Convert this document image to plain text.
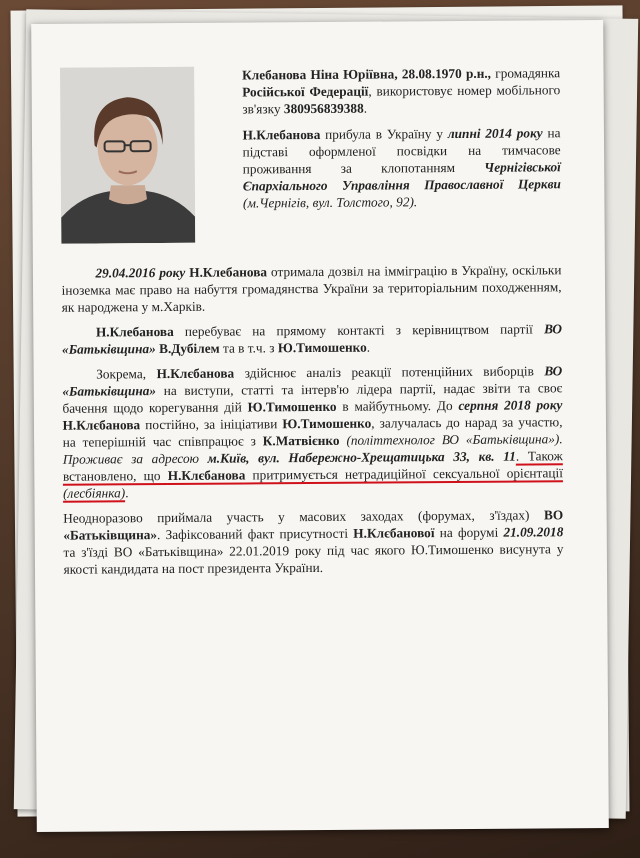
Клебанова Ніна Юріївна, 28.08.1970 р.н., громадянка Російської Федерації, використовує номер мобільного зв'язку 380956839388.

Н.Клебанова прибула в Україну у липні 2014 року на підставі оформленої посвідки на тимчасове проживання за клопотанням Чернігівської Єпархіального Управління Православної Церкви (м.Чернігів, вул. Толстого, 92).

29.04.2016 року Н.Клебанова отримала дозвіл на імміграцію в Україну, оскільки іноземка має право на набуття громадянства України за територіальним походженням, як народжена у м.Харків.

Н.Клебанова перебуває на прямому контакті з керівництвом партії ВО «Батьківщина» В.Дубілем та в т.ч. з Ю.Тимошенко.

Зокрема, Н.Клєбанова здійснює аналіз реакції потенційних виборців ВО «Батьківщина» на виступи, статті та інтерв'ю лідера партії, надає звіти та своє бачення щодо корегування дій Ю.Тимошенко в майбутньому. До серпня 2018 року Н.Клєбанова постійно, за ініціативи Ю.Тимошенко, залучалась до нарад за участю, на теперішній час співпрацює з К.Матвієнко (політтехнолог ВО «Батьківщина»). Проживає за адресою м.Київ, вул. Набережно-Хрещатицька 33, кв. 11. Також встановлено, що Н.Клєбанова притримується нетрадиційної сексуальної орієнтації (лесбіянка).

Неодноразово приймала участь у масових заходах (форумах, з'їздах) ВО «Батьківщина». Зафіксований факт присутності Н.Клєбанової на форумі 21.09.2018 та з'їзді ВО «Батьківщина» 22.01.2019 року під час якого Ю.Тимошенко висунута у якості кандидата на пост президента України.
